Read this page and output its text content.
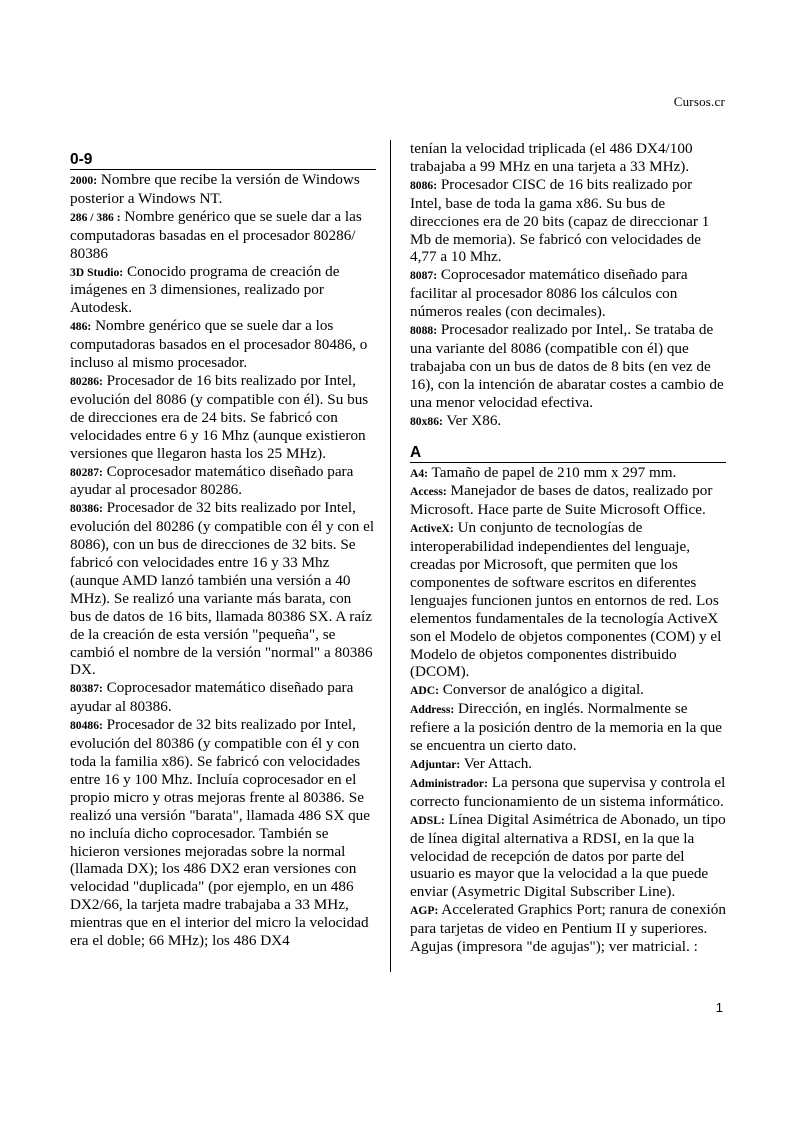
Cursos.cr
0-9

2000: Nombre que recibe la versión de Windows posterior a Windows NT.

286 / 386 : Nombre genérico que se suele dar a las computadoras basadas en el procesador 80286/ 80386

3D Studio: Conocido programa de creación de imágenes en 3 dimensiones, realizado por Autodesk.

486: Nombre genérico que se suele dar a los computadoras basados en el procesador 80486, o incluso al mismo procesador.

80286: Procesador de 16 bits realizado por Intel, evolución del 8086 (y compatible con él). Su bus de direcciones era de 24 bits. Se fabricó con velocidades entre 6 y 16 Mhz (aunque existieron versiones que llegaron hasta los 25 MHz).

80287: Coprocesador matemático diseñado para ayudar al procesador 80286.

80386: Procesador de 32 bits realizado por Intel, evolución del 80286 (y compatible con él y con el 8086), con un bus de direcciones de 32 bits. Se fabricó con velocidades entre 16 y 33 Mhz (aunque AMD lanzó también una versión a 40 MHz). Se realizó una variante más barata, con bus de datos de 16 bits, llamada 80386 SX. A raíz de la creación de esta versión "pequeña", se cambió el nombre de la versión "normal" a 80386 DX.

80387: Coprocesador matemático diseñado para ayudar al 80386.

80486: Procesador de 32 bits realizado por Intel, evolución del 80386 (y compatible con él y con toda la familia x86). Se fabricó con velocidades entre 16 y 100 Mhz. Incluía coprocesador en el propio micro y otras mejoras frente al 80386. Se realizó una versión "barata", llamada 486 SX que no incluía dicho coprocesador. También se hicieron versiones mejoradas sobre la normal (llamada DX); los 486 DX2 eran versiones con velocidad "duplicada" (por ejemplo, en un 486 DX2/66, la tarjeta madre trabajaba a 33 MHz, mientras que en el interior del micro la velocidad era el doble; 66 MHz); los 486 DX4

tenían la velocidad triplicada (el 486 DX4/100 trabajaba a 99 MHz en una tarjeta a 33 MHz).

8086: Procesador CISC de 16 bits realizado por Intel, base de toda la gama x86. Su bus de direcciones era de 20 bits (capaz de direccionar 1 Mb de memoria). Se fabricó con velocidades de 4,77 a 10 Mhz.

8087: Coprocesador matemático diseñado para facilitar al procesador 8086 los cálculos con números reales (con decimales).

8088: Procesador realizado por Intel,. Se trataba de una variante del 8086 (compatible con él) que trabajaba con un bus de datos de 8 bits (en vez de 16), con la intención de abaratar costes a cambio de una menor velocidad efectiva.

80x86: Ver X86.

A

A4: Tamaño de papel de 210 mm x 297 mm.

Access: Manejador de bases de datos, realizado por Microsoft. Hace parte de Suite Microsoft Office.

ActiveX: Un conjunto de tecnologías de interoperabilidad independientes del lenguaje, creadas por Microsoft, que permiten que los componentes de software escritos en diferentes lenguajes funcionen juntos en entornos de red. Los elementos fundamentales de la tecnología ActiveX son el Modelo de objetos componentes (COM) y el Modelo de objetos componentes distribuido (DCOM).

ADC: Conversor de analógico a digital.

Address: Dirección, en inglés. Normalmente se refiere a la posición dentro de la memoria en la que se encuentra un cierto dato.

Adjuntar: Ver Attach.

Administrador: La persona que supervisa y controla el correcto funcionamiento de un sistema informático.

ADSL: Línea Digital Asimétrica de Abonado, un tipo de línea digital alternativa a RDSI, en la que la velocidad de recepción de datos por parte del usuario es mayor que la velocidad a la que puede enviar (Asymetric Digital Subscriber Line).

AGP: Accelerated Graphics Port; ranura de conexión para tarjetas de video en Pentium II y superiores.

Agujas (impresora "de agujas"); ver matricial. :

1
